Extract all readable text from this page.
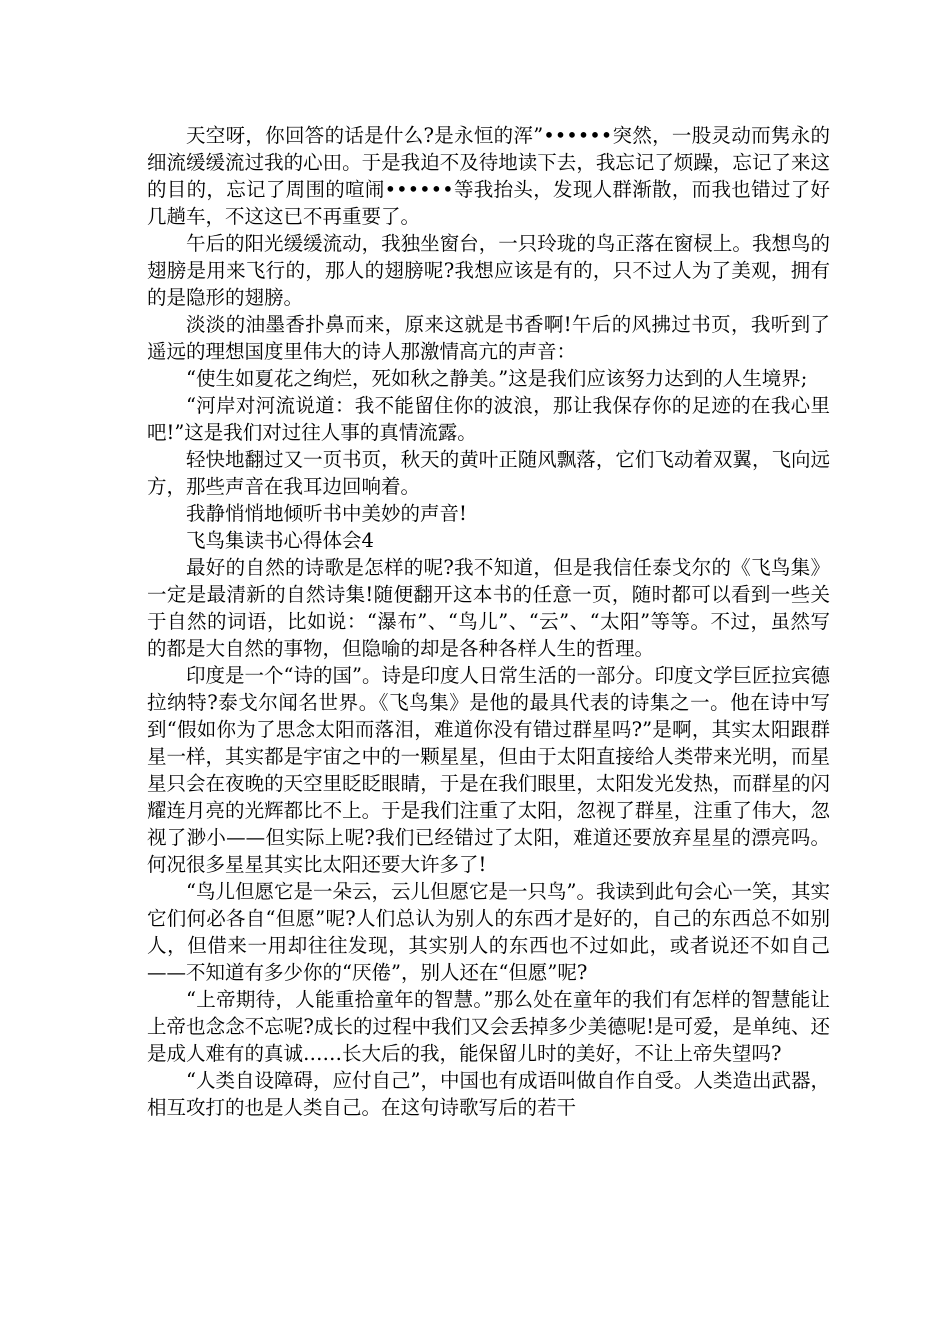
天空呀，你回答的话是什么?是永恒的浑”••••••突然，一股灵动而隽永的细流缓缓流过我的心田。于是我迫不及待地读下去，我忘记了烦躁，忘记了来这的目的，忘记了周围的喧闹••••••等我抬头，发现人群渐散，而我也错过了好几趟车，不这这已不再重要了。

午后的阳光缓缓流动，我独坐窗台，一只玲珑的鸟正落在窗棂上。我想鸟的翅膀是用来飞行的，那人的翅膀呢?我想应该是有的，只不过人为了美观，拥有的是隐形的翅膀。

淡淡的油墨香扑鼻而来，原来这就是书香啊!午后的风拂过书页，我听到了遥远的理想国度里伟大的诗人那激情高亢的声音：

“使生如夏花之绚烂，死如秋之静美。”这是我们应该努力达到的人生境界;

“河岸对河流说道：我不能留住你的波浪，那让我保存你的足迹的在我心里吧!”这是我们对过往人事的真情流露。

轻快地翻过又一页书页，秋天的黄叶正随风飘落，它们飞动着双翼，飞向远方，那些声音在我耳边回响着。

我静悄悄地倾听书中美妙的声音!

飞鸟集读书心得体会4

最好的自然的诗歌是怎样的呢?我不知道，但是我信任泰戈尔的《飞鸟集》一定是最清新的自然诗集!随便翻开这本书的任意一页，随时都可以看到一些关于自然的词语，比如说：“瀑布”、“鸟儿”、“云”、“太阳”等等。不过，虽然写的都是大自然的事物，但隐喻的却是各种各样人生的哲理。

印度是一个“诗的国”。诗是印度人日常生活的一部分。印度文学巨匠拉宾德拉纳特?泰戈尔闻名世界。《飞鸟集》是他的最具代表的诗集之一。他在诗中写到“假如你为了思念太阳而落泪，难道你没有错过群星吗?”是啊，其实太阳跟群星一样，其实都是宇宙之中的一颗星星，但由于太阳直接给人类带来光明，而星星只会在夜晚的天空里眨眨眼睛，于是在我们眼里，太阳发光发热，而群星的闪耀连月亮的光辉都比不上。于是我们注重了太阳，忽视了群星，注重了伟大，忽视了渺小——但实际上呢?我们已经错过了太阳，难道还要放弃星星的漂亮吗。何况很多星星其实比太阳还要大许多了!

“鸟儿但愿它是一朵云，云儿但愿它是一只鸟”。我读到此句会心一笑，其实它们何必各自“但愿”呢?人们总认为别人的东西才是好的，自己的东西总不如别人，但借来一用却往往发现，其实别人的东西也不过如此，或者说还不如自己——不知道有多少你的“厌倦”，别人还在“但愿”呢?

“上帝期待，人能重拾童年的智慧。”那么处在童年的我们有怎样的智慧能让上帝也念念不忘呢?成长的过程中我们又会丢掉多少美德呢!是可爱，是单纯、还是成人难有的真诚……长大后的我，能保留儿时的美好，不让上帝失望吗?

“人类自设障碍，应付自己”，中国也有成语叫做自作自受。人类造出武器，相互攻打的也是人类自己。在这句诗歌写后的若干
